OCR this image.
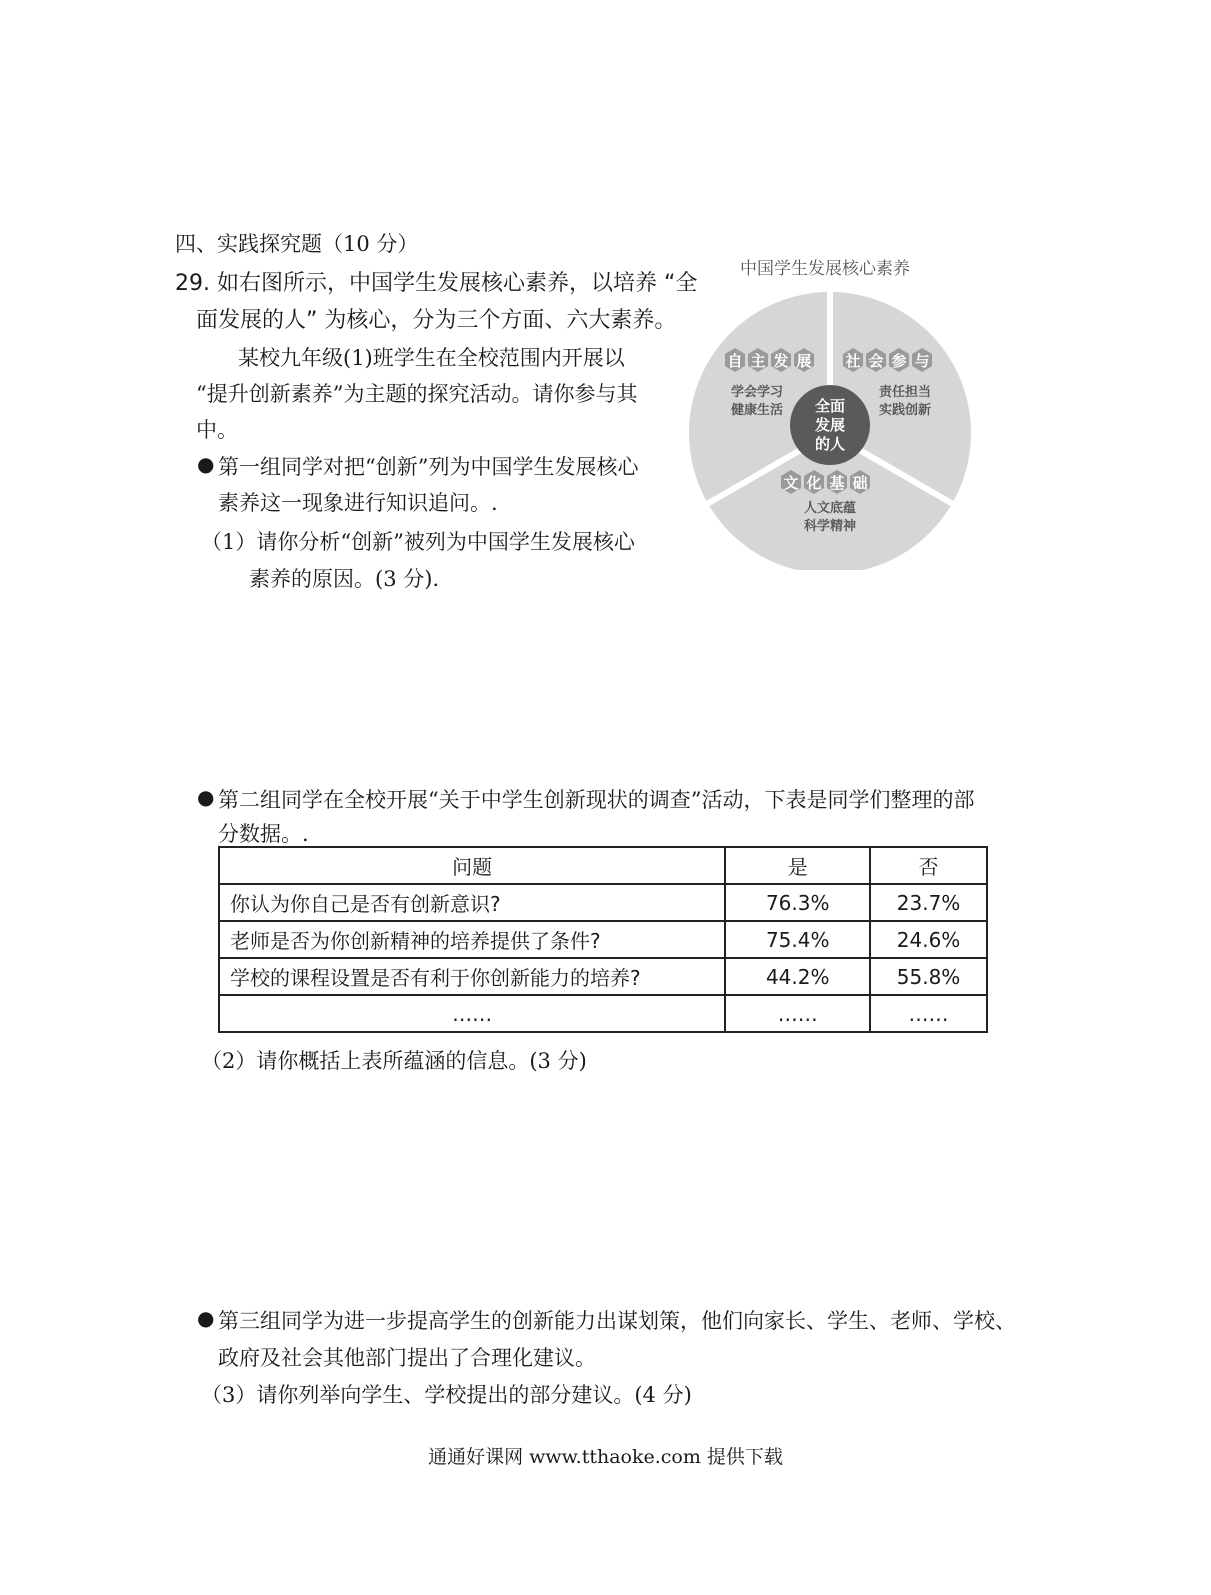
四、实践探究题（10 分）
29. 如右图所示，中国学生发展核心素养，以培养 “全
面发展的人” 为核心，分为三个方面、六大素养。
某校九年级(1)班学生在全校范围内开展以
“提升创新素养”为主题的探究活动。请你参与其
中。
● 第一组同学对把“创新”列为中国学生发展核心
素养这一现象进行知识追问。.
（1）请你分析“创新”被列为中国学生发展核心
素养的原因。(3 分).
中国学生发展核心素养
全面
发展
的人
自 主 发 展
学会学习
健康生活
社 会 参 与
责任担当
实践创新
文 化 基 础
人文底蕴
科学精神
● 第二组同学在全校开展“关于中学生创新现状的调查”活动，下表是同学们整理的部
分数据。.
问题	是	否
你认为你自己是否有创新意识?	76.3%	23.7%
老师是否为你创新精神的培养提供了条件?	75.4%	24.6%
学校的课程设置是否有利于你创新能力的培养?	44.2%	55.8%
……	……	……
（2）请你概括上表所蕴涵的信息。(3 分)
● 第三组同学为进一步提高学生的创新能力出谋划策，他们向家长、学生、老师、学校、
政府及社会其他部门提出了合理化建议。
（3）请你列举向学生、学校提出的部分建议。(4 分)
通通好课网 www.tthaoke.com 提供下载
